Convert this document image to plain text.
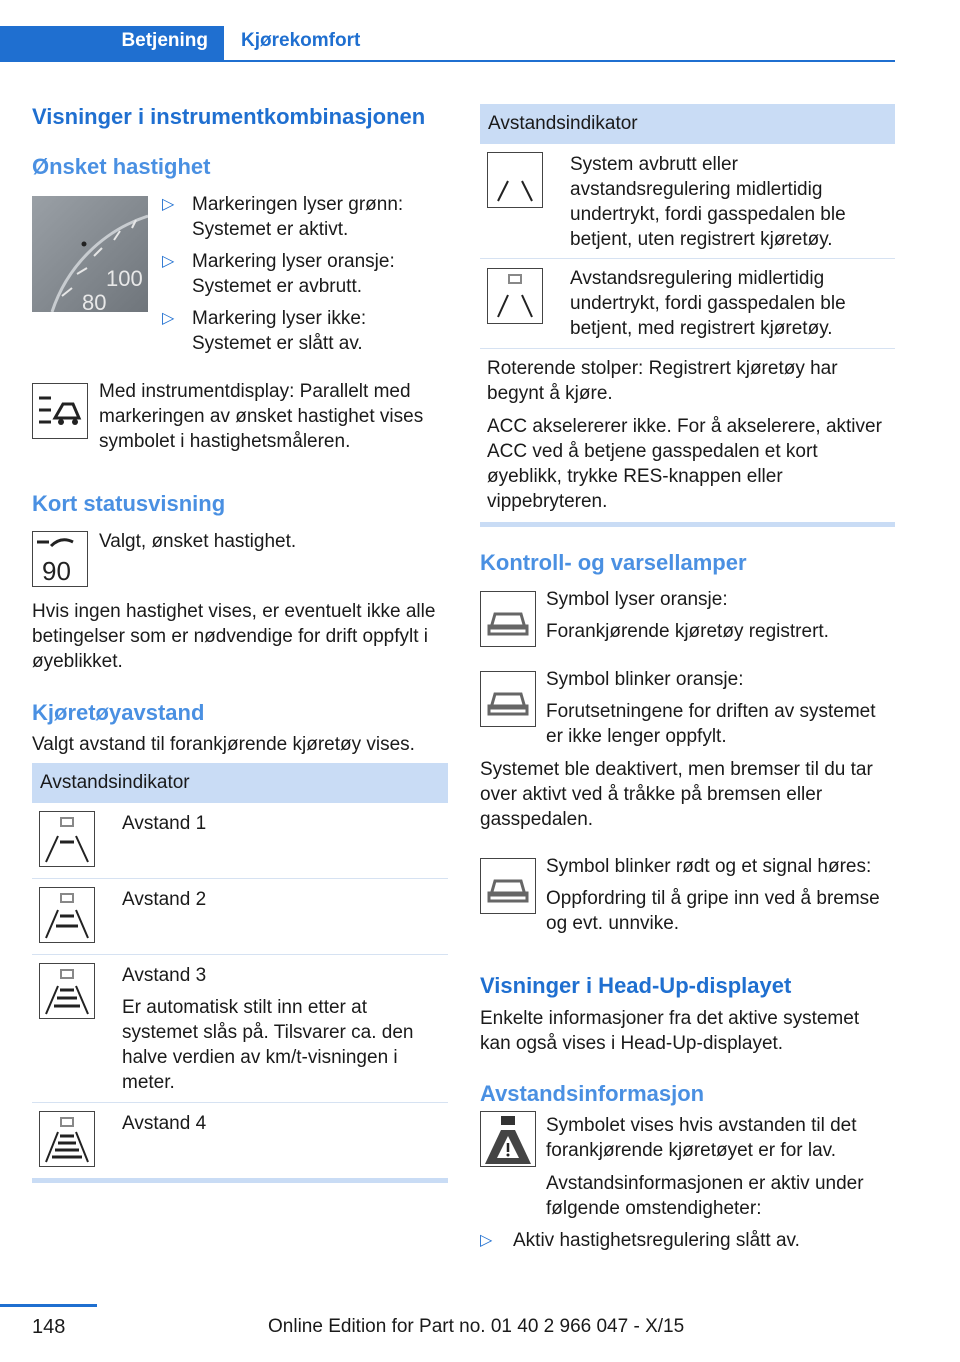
Betjening	Kjørekomfort
Visninger i instrumentkombinasjonen
Ønsket hastighet
100
80
▷ Markeringen lyser grønn: Systemet er aktivt.
▷ Markering lyser oransje: Systemet er avbrutt.
▷ Markering lyser ikke: Systemet er slått av.
Med instrumentdisplay: Parallelt med markeringen av ønsket hastighet vises symbolet i hastighetsmåleren.
Kort statusvisning
90
Valgt, ønsket hastighet.
Hvis ingen hastighet vises, er eventuelt ikke alle betingelser som er nødvendige for drift oppfylt i øyeblikket.
Kjøretøyavstand
Valgt avstand til forankjørende kjøretøy vises.
Avstandsindikator
Avstand 1
Avstand 2
Avstand 3
Er automatisk stilt inn etter at systemet slås på. Tilsvarer ca. den halve verdien av km/t-visningen i meter.
Avstand 4
Avstandsindikator
System avbrutt eller avstandsregulering midlertidig undertrykt, fordi gasspedalen ble betjent, uten registrert kjøretøy.
Avstandsregulering midlertidig undertrykt, fordi gasspedalen ble betjent, med registrert kjøretøy.
Roterende stolper: Registrert kjøretøy har begynt å kjøre.
ACC akselererer ikke. For å akselerere, aktiver ACC ved å betjene gasspedalen et kort øyeblikk, trykke RES-knappen eller vippebryteren.
Kontroll- og varsellamper
Symbol lyser oransje:
Forankjørende kjøretøy registrert.
Symbol blinker oransje:
Forutsetningene for driften av systemet er ikke lenger oppfylt.
Systemet ble deaktivert, men bremser til du tar over aktivt ved å tråkke på bremsen eller gasspedalen.
Symbol blinker rødt og et signal høres:
Oppfordring til å gripe inn ved å bremse og evt. unnvike.
Visninger i Head-Up-displayet
Enkelte informasjoner fra det aktive systemet kan også vises i Head-Up-displayet.
Avstandsinformasjon
Symbolet vises hvis avstanden til det forankjørende kjøretøyet er for lav.
Avstandsinformasjonen er aktiv under følgende omstendigheter:
▷ Aktiv hastighetsregulering slått av.
148	Online Edition for Part no. 01 40 2 966 047 - X/15
